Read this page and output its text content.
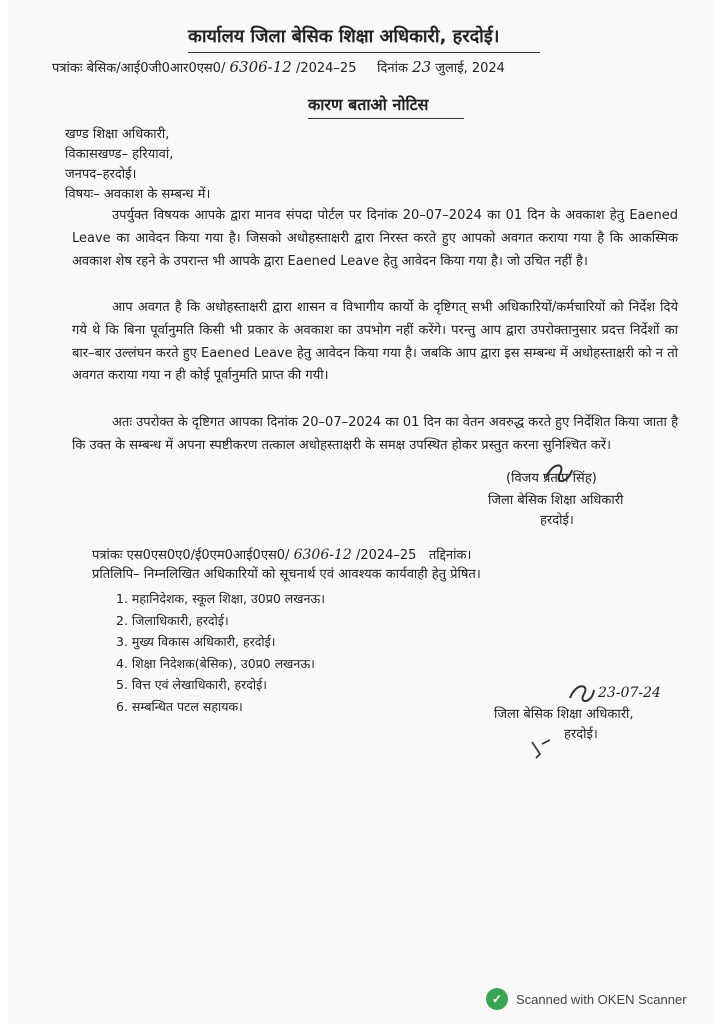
कार्यालय जिला बेसिक शिक्षा अधिकारी, हरदोई।
पत्रांकः बेसिक/आई0जी0आर0एस0/ 6306-12 /2024–25 दिनांक 23 जुलाई, 2024
कारण बताओ नोटिस
खण्ड शिक्षा अधिकारी,
विकासखण्ड– हरियावां,
जनपद–हरदोई।
विषयः– अवकाश के सम्बन्ध में।
उपर्युक्त विषयक आपके द्वारा मानव संपदा पोर्टल पर दिनांक 20–07–2024 का 01 दिन के अवकाश हेतु Eaened Leave का आवेदन किया गया है। जिसको अधोहस्ताक्षरी द्वारा निरस्त करते हुए आपको अवगत कराया गया है कि आकस्मिक अवकाश शेष रहने के उपरान्त भी आपके द्वारा Eaened Leave हेतु आवेदन किया गया है। जो उचित नहीं है।
आप अवगत है कि अधोहस्ताक्षरी द्वारा शासन व विभागीय कार्यो के दृष्टिगत् सभी अधिकारियों/कर्मचारियों को निर्देश दिये गये थे कि बिना पूर्वानुमति किसी भी प्रकार के अवकाश का उपभोग नहीं करेंगे। परन्तु आप द्वारा उपरोक्तानुसार प्रदत्त निर्देशों का बार–बार उल्लंघन करते हुए Eaened Leave हेतु आवेदन किया गया है। जबकि आप द्वारा इस सम्बन्ध में अधोहस्ताक्षरी को न तो अवगत कराया गया न ही कोई पूर्वानुमति प्राप्त की गयी।
अतः उपरोक्त के दृष्टिगत आपका दिनांक 20–07–2024 का 01 दिन का वेतन अवरुद्ध करते हुए निर्देशित किया जाता है कि उक्त के सम्बन्ध में अपना स्पष्टीकरण तत्काल अधोहस्ताक्षरी के समक्ष उपस्थित होकर प्रस्तुत करना सुनिश्चित करें।
(विजय प्रताप सिंह)
जिला बेसिक शिक्षा अधिकारी
हरदोई।
पत्रांकः एस0एस0ए0/ई0एम0आई0एस0/ 6306-12 /2024–25 तद्दिनांक।
प्रतिलिपि– निम्नलिखित अधिकारियों को सूचनार्थ एवं आवश्यक कार्यवाही हेतु प्रेषित।
1. महानिदेशक, स्कूल शिक्षा, उ0प्र0 लखनऊ।
2. जिलाधिकारी, हरदोई।
3. मुख्य विकास अधिकारी, हरदोई।
4. शिक्षा निदेशक(बेसिक), उ0प्र0 लखनऊ।
5. वित्त एवं लेखाधिकारी, हरदोई।
6. सम्बन्धित पटल सहायक।
23-07-24
जिला बेसिक शिक्षा अधिकारी,
हरदोई।
✓	Scanned with OKEN Scanner
